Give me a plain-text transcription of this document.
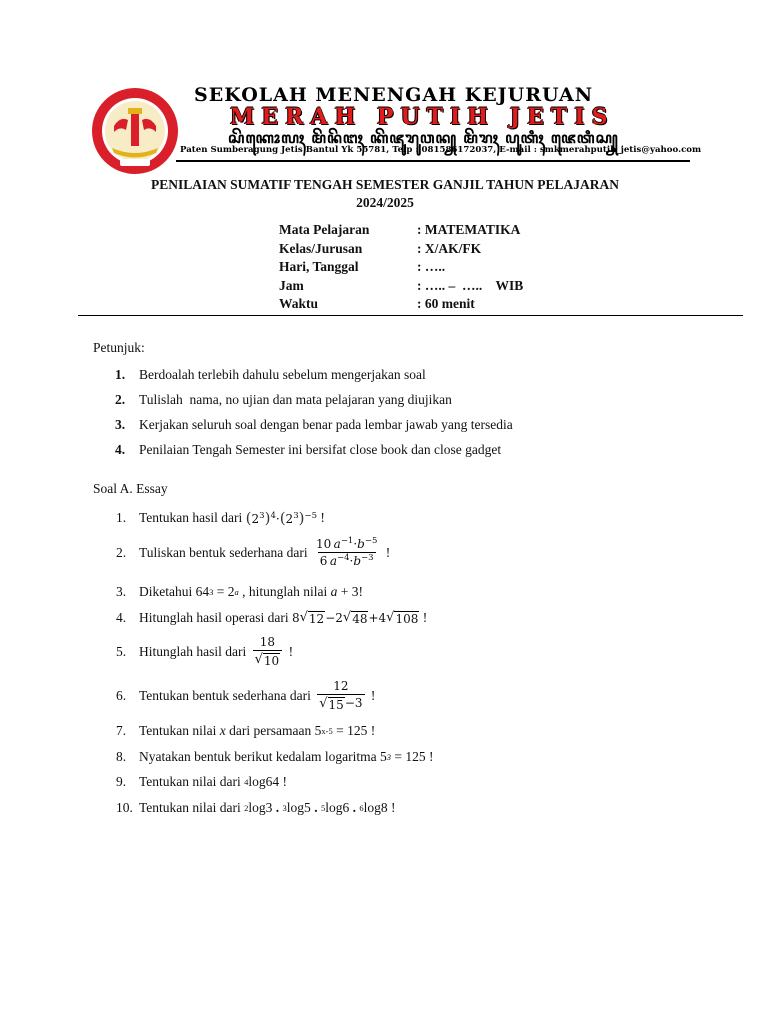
SEKOLAH MENENGAH KEJURUAN
MERAH PUTIH JETIS
ꦱꦼꦏꦺꦴꦭꦃ ꦩꦼꦤꦼꦔꦃ ꦏꦼꦗꦸꦫꦸꦮꦤ꧀ ꦩꦼꦫꦃ ꦥꦸꦠꦶꦃ ꦗꦺꦠꦶꦱ꧀
Paten Sumberagung Jetis Bantul Yk 55781, Telp : 081586172037, E-mail : smkmerahputih_jetis@yahoo.com
PENILAIAN SUMATIF TENGAH SEMESTER GANJIL TAHUN PELAJARAN
2024/2025
Mata Pelajaran	: MATEMATIKA
Kelas/Jurusan	: X/AK/FK
Hari, Tanggal	: …..
Jam	: ….. –  …..    WIB
Waktu	: 60 menit
Petunjuk:
1.	Berdoalah terlebih dahulu sebelum mengerjakan soal
2.	Tulislah  nama, no ujian dan mata pelajaran yang diujikan
3.	Kerjakan seluruh soal dengan benar pada lembar jawab yang tersedia
4.	Penilaian Tengah Semester ini bersifat close book dan close gadget
Soal A. Essay
1. Tentukan hasil dari
$(2^3)^4\cdot(2^3)^{-5}$
!
2. Tuliskan bentuk sederhana dari
$\frac{10 a^{-1}\cdot b^{-5}}{6 a^{-4}\cdot b^{-3}}$
!
3. Diketahui 64 3 = 2 a , hitunglah nilai a + 3!
4. Hitunglah hasil operasi dari
8 √ 12 −2 √ 48 +4 √ 108
!
5. Hitunglah hasil dari
$\frac{18}{√ 10}$
!
6. Tentukan bentuk sederhana dari
$\frac{12}{√ 15 -3}$
!
7. Tentukan nilai
x dari persamaan 5 x-5 = 125 !
8. Nyatakan bentuk berikut kedalam logaritma 5 3 = 125 !
9. Tentukan nilai dari
4 log64 !
10. Tentukan nilai dari
2 log3 . 3 log5 . 5 log6 . 6 log8 !
